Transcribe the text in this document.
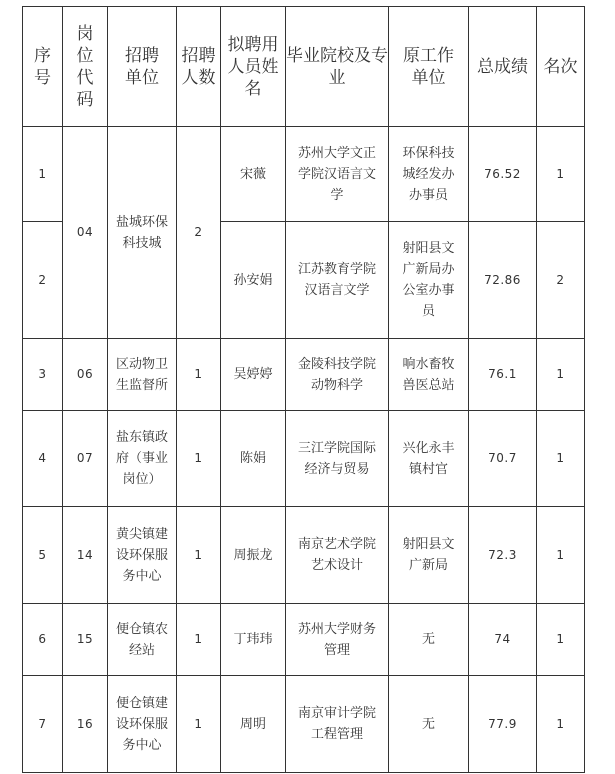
序号	岗位代码	招聘单位	招聘人数	拟聘用人员姓名	毕业院校及专业	原工作单位	总成绩	名次

1	04	盐城环保科技城	2	宋薇	苏州大学文正学院汉语言文学	环保科技城经发办办事员	76.52	1
2				孙安娟	江苏教育学院汉语言文学	射阳县文广新局办公室办事员	72.86	2
3	06	区动物卫生监督所	1	吴婷婷	金陵科技学院动物科学	响水畜牧兽医总站	76.1	1
4	07	盐东镇政府（事业岗位）	1	陈娟	三江学院国际经济与贸易	兴化永丰镇村官	70.7	1
5	14	黄尖镇建设环保服务中心	1	周振龙	南京艺术学院艺术设计	射阳县文广新局	72.3	1
6	15	便仓镇农经站	1	丁玮玮	苏州大学财务管理	无	74	1
7	16	便仓镇建设环保服务中心	1	周明	南京审计学院工程管理	无	77.9	1
